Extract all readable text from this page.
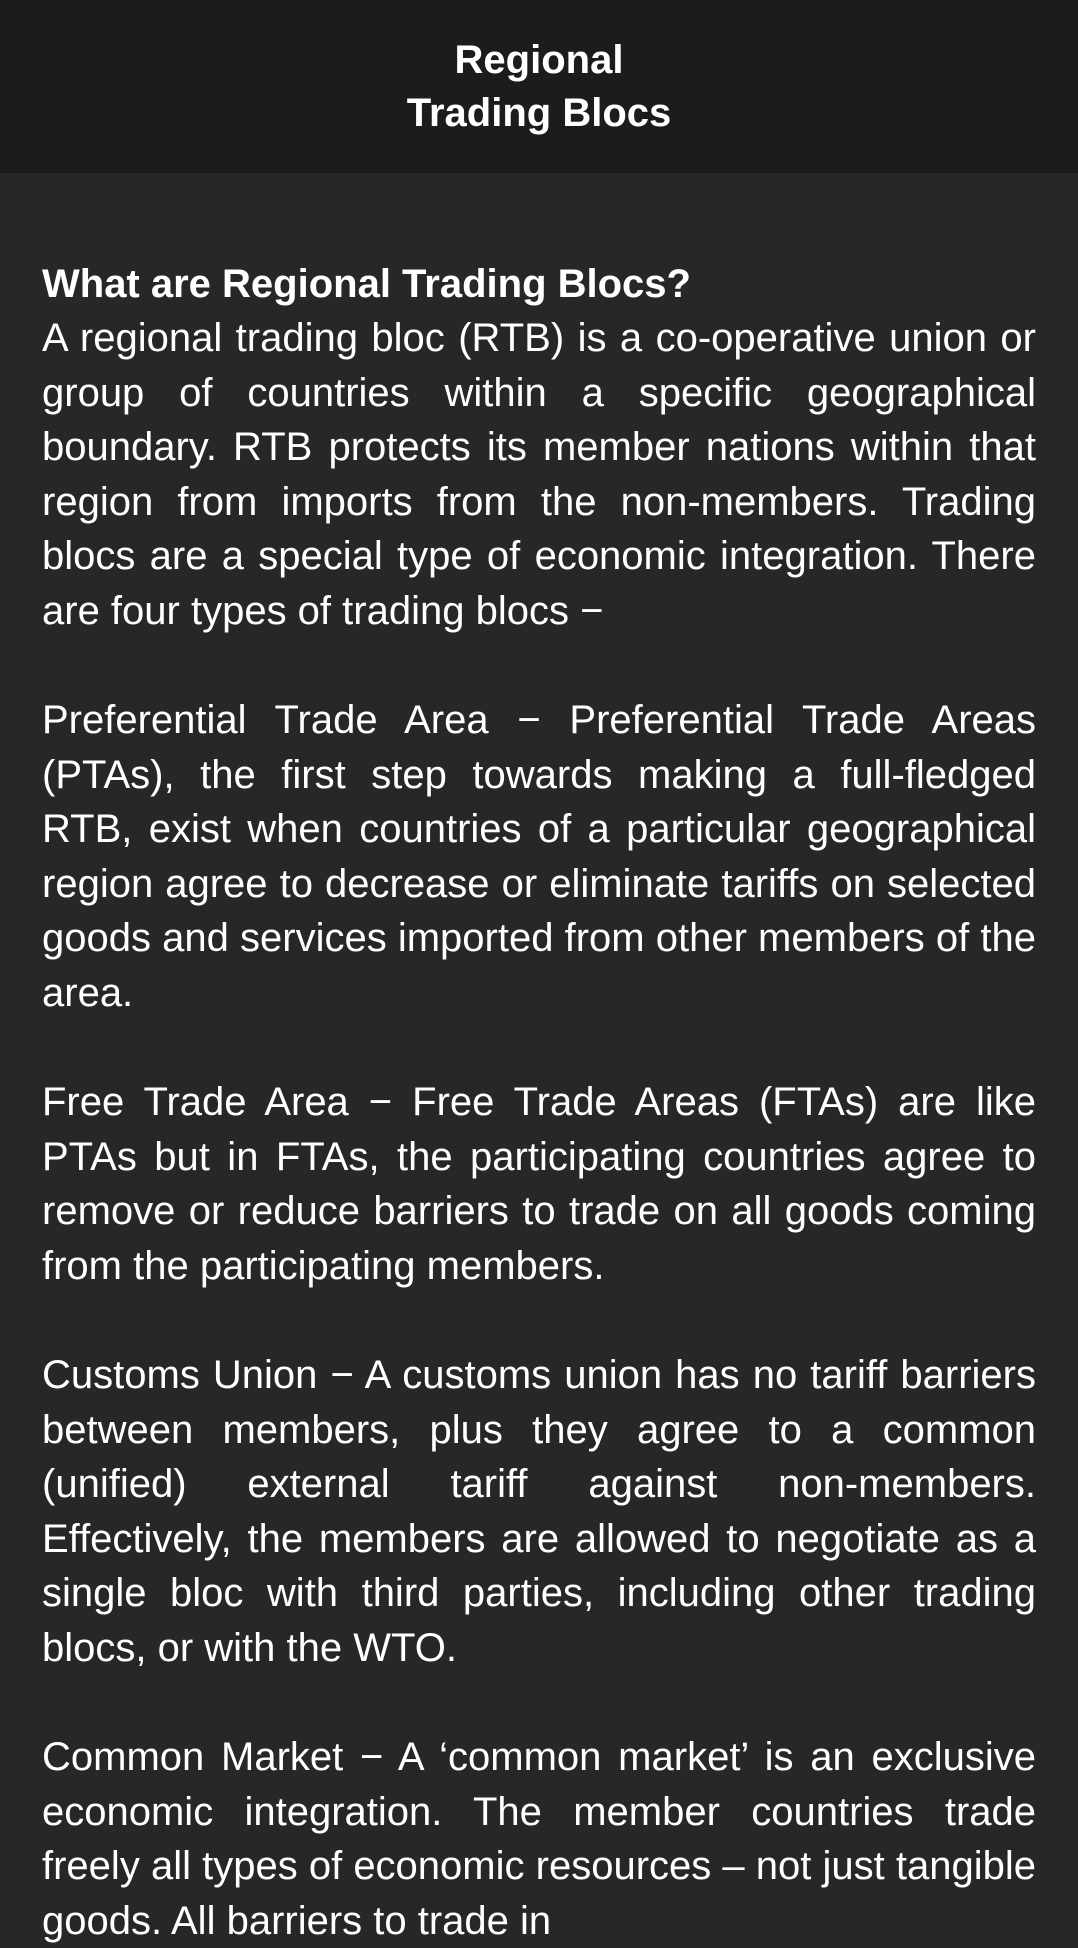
Regional
Trading Blocs
What are Regional Trading Blocs?

A regional trading bloc (RTB) is a co-operative union or group of countries within a specific geographical boundary. RTB protects its member nations within that region from imports from the non-members. Trading blocs are a special type of economic integration. There are four types of trading blocs −

Preferential Trade Area − Preferential Trade Areas (PTAs), the first step towards making a full-fledged RTB, exist when countries of a particular geographical region agree to decrease or eliminate tariffs on selected goods and services imported from other members of the area.

Free Trade Area − Free Trade Areas (FTAs) are like PTAs but in FTAs, the participating countries agree to remove or reduce barriers to trade on all goods coming from the participating members.

Customs Union − A customs union has no tariff barriers between members, plus they agree to a common (unified) external tariff against non-members. Effectively, the members are allowed to negotiate as a single bloc with third parties, including other trading blocs, or with the WTO.

Common Market − A ‘common market’ is an exclusive economic integration. The member countries trade freely all types of economic resources – not just tangible goods. All barriers to trade in
